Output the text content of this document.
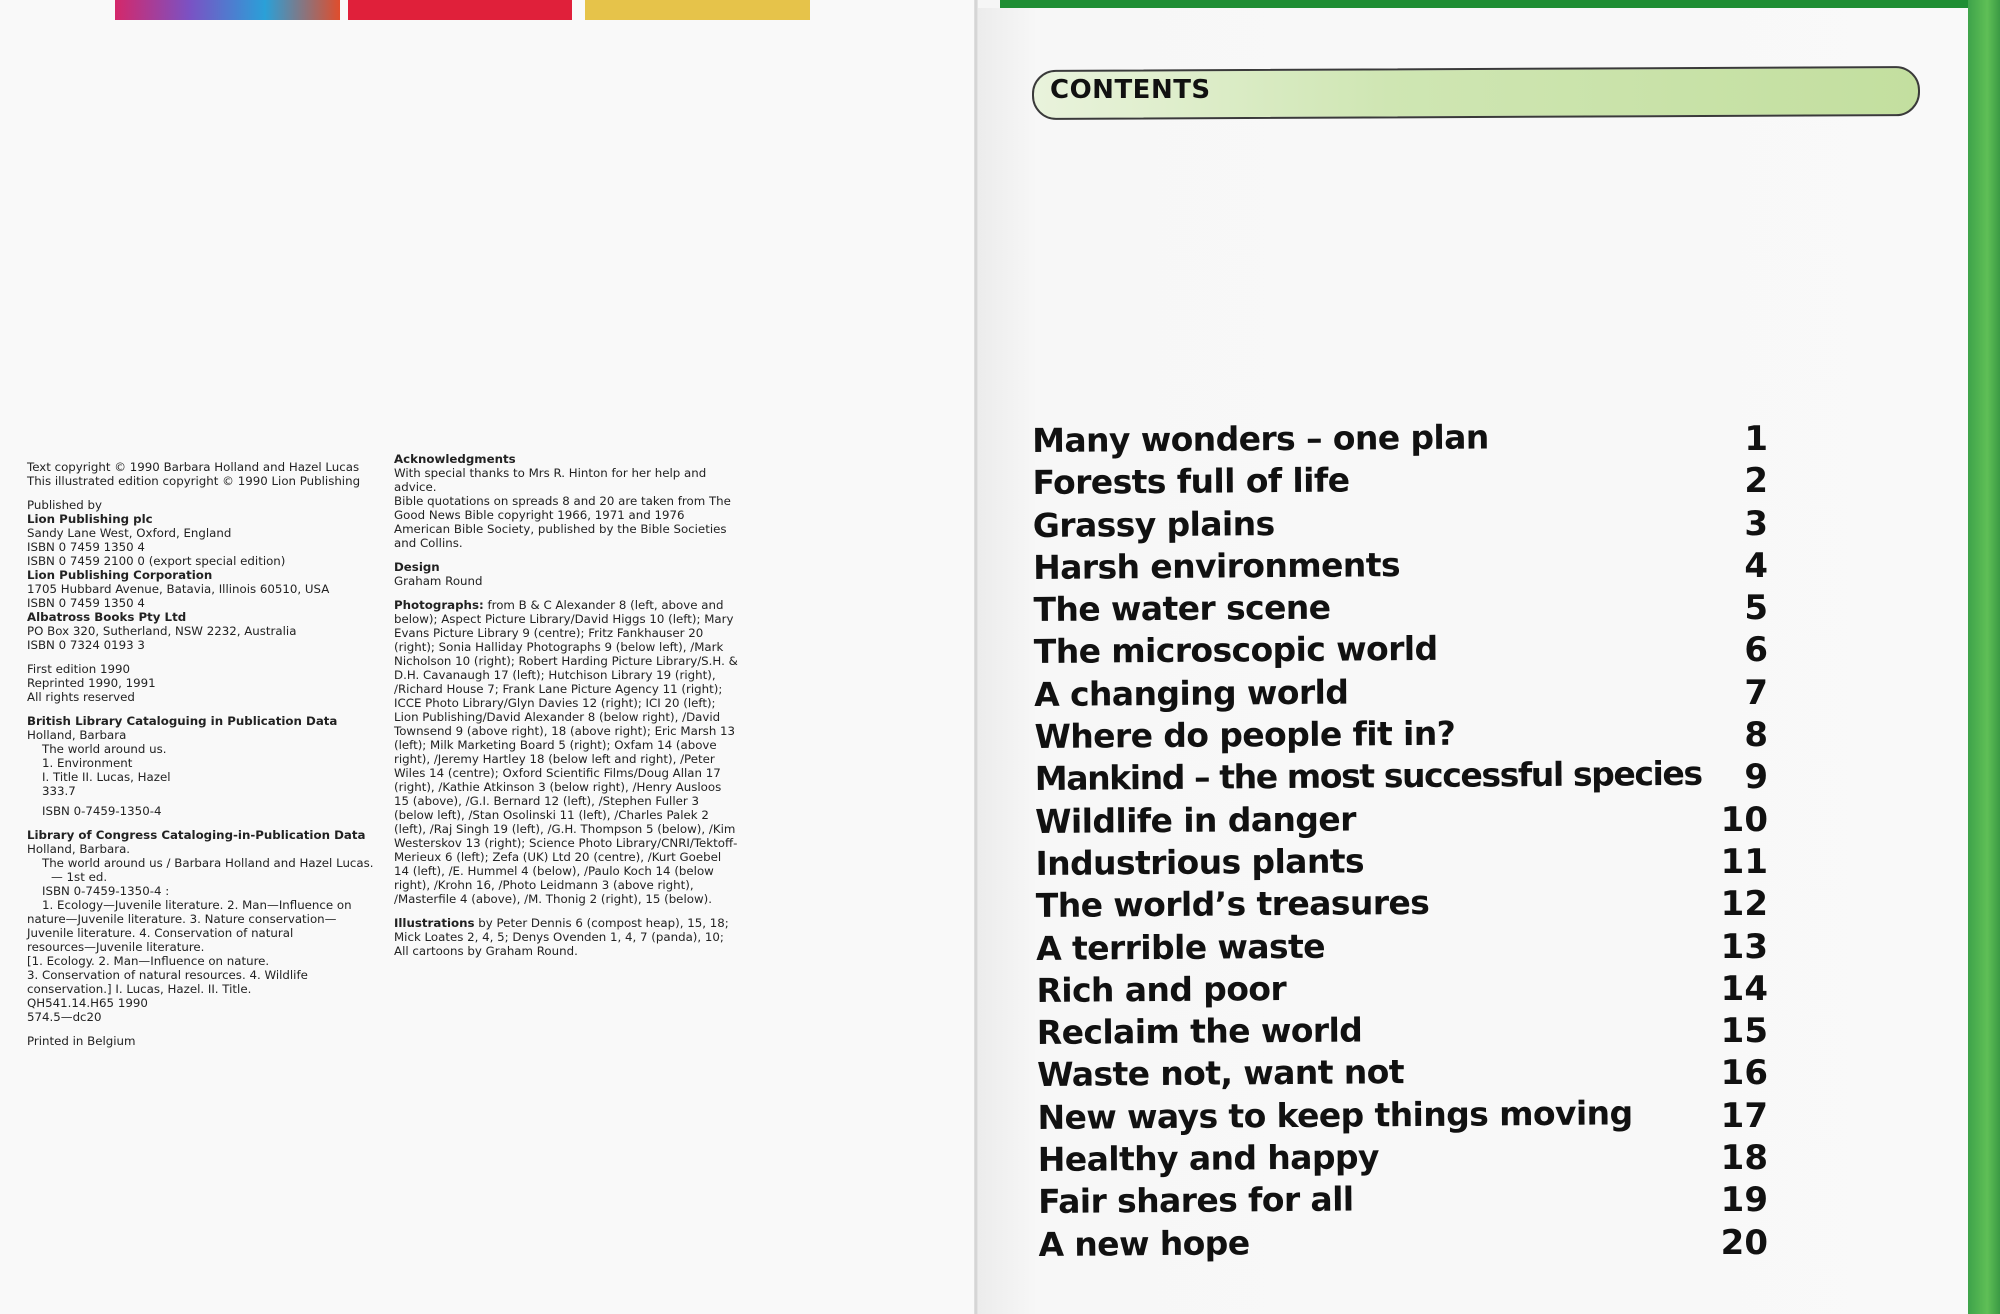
Text copyright © 1990 Barbara Holland and Hazel Lucas
This illustrated edition copyright © 1990 Lion Publishing
Published by
Lion Publishing plc
Sandy Lane West, Oxford, England
ISBN 0 7459 1350 4
ISBN 0 7459 2100 0 (export special edition)
Lion Publishing Corporation
1705 Hubbard Avenue, Batavia, Illinois 60510, USA
ISBN 0 7459 1350 4
Albatross Books Pty Ltd
PO Box 320, Sutherland, NSW 2232, Australia
ISBN 0 7324 0193 3
First edition 1990
Reprinted 1990, 1991
All rights reserved
British Library Cataloguing in Publication Data
Holland, Barbara
The world around us.
1. Environment
I. Title II. Lucas, Hazel
333.7
ISBN 0-7459-1350-4
Library of Congress Cataloging-in-Publication Data
Holland, Barbara.
The world around us / Barbara Holland and Hazel Lucas.
— 1st ed.
ISBN 0-7459-1350-4 :
1. Ecology—Juvenile literature. 2. Man—Influence on
nature—Juvenile literature. 3. Nature conservation—
Juvenile literature. 4. Conservation of natural
resources—Juvenile literature.
[1. Ecology. 2. Man—Influence on nature.
3. Conservation of natural resources. 4. Wildlife
conservation.] I. Lucas, Hazel. II. Title.
QH541.14.H65 1990
574.5—dc20
Printed in Belgium
Acknowledgments
With special thanks to Mrs R. Hinton for her help and advice.
Bible quotations on spreads 8 and 20 are taken from The Good News Bible copyright 1966, 1971 and 1976 American Bible Society, published by the Bible Societies and Collins.
Design
Graham Round
Photographs: from B & C Alexander 8 (left, above and below); Aspect Picture Library/David Higgs 10 (left); Mary Evans Picture Library 9 (centre); Fritz Fankhauser 20 (right); Sonia Halliday Photographs 9 (below left), /Mark Nicholson 10 (right); Robert Harding Picture Library/S.H. & D.H. Cavanaugh 17 (left); Hutchison Library 19 (right), /Richard House 7; Frank Lane Picture Agency 11 (right); ICCE Photo Library/Glyn Davies 12 (right); ICI 20 (left); Lion Publishing/David Alexander 8 (below right), /David Townsend 9 (above right), 18 (above right); Eric Marsh 13 (left); Milk Marketing Board 5 (right); Oxfam 14 (above right), /Jeremy Hartley 18 (below left and right), /Peter Wiles 14 (centre); Oxford Scientific Films/Doug Allan 17 (right), /Kathie Atkinson 3 (below right), /Henry Ausloos 15 (above), /G.I. Bernard 12 (left), /Stephen Fuller 3 (below left), /Stan Osolinski 11 (left), /Charles Palek 2 (left), /Raj Singh 19 (left), /G.H. Thompson 5 (below), /Kim Westerskov 13 (right); Science Photo Library/CNRI/Tektoff-Merieux 6 (left); Zefa (UK) Ltd 20 (centre), /Kurt Goebel 14 (left), /E. Hummel 4 (below), /Paulo Koch 14 (below right), /Krohn 16, /Photo Leidmann 3 (above right), /Masterfile 4 (above), /M. Thonig 2 (right), 15 (below).
Illustrations by Peter Dennis 6 (compost heap), 15, 18; Mick Loates 2, 4, 5; Denys Ovenden 1, 4, 7 (panda), 10; All cartoons by Graham Round.
CONTENTS
Many wonders – one plan
Forests full of life
Grassy plains
Harsh environments
The water scene
The microscopic world
A changing world
Where do people fit in?
Mankind – the most successful species
Wildlife in danger
Industrious plants
The world’s treasures
A terrible waste
Rich and poor
Reclaim the world
Waste not, want not
New ways to keep things moving
Healthy and happy
Fair shares for all
A new hope
1
2
3
4
5
6
7
8
9
10
11
12
13
14
15
16
17
18
19
20
